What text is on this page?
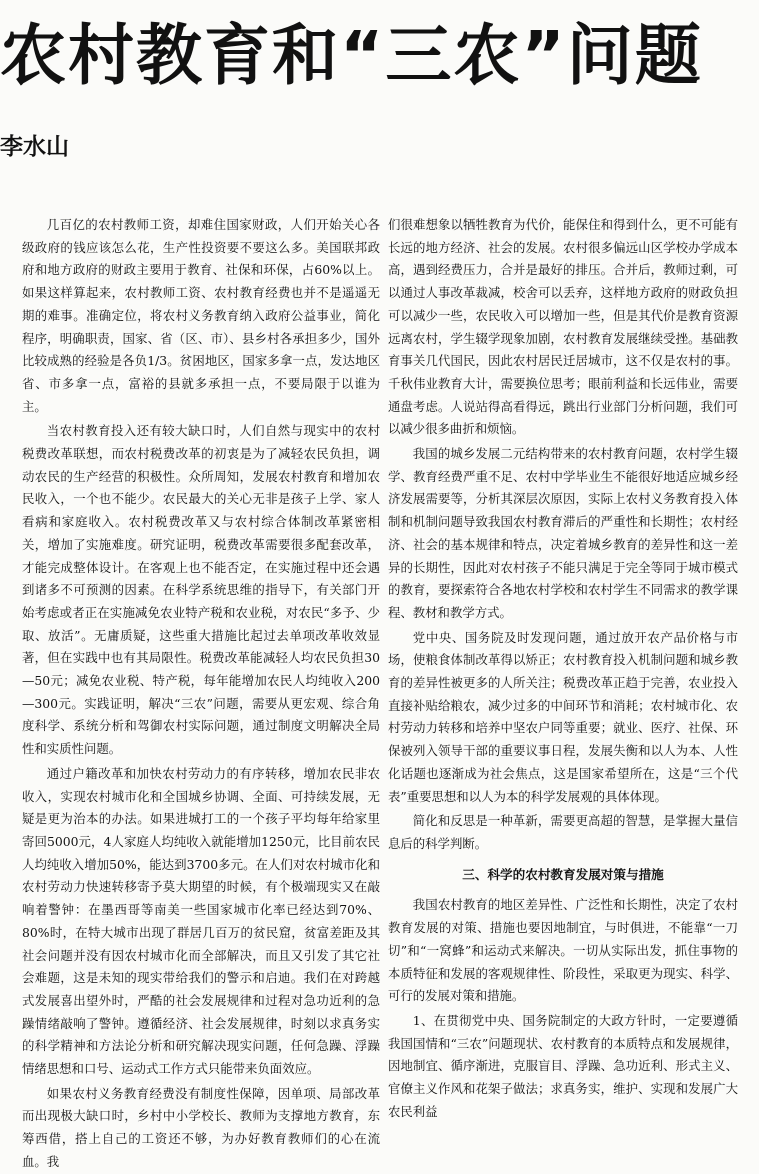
农村教育和“三农”问题
李水山

几百亿的农村教师工资，却难住国家财政，人们开始关心各级政府的钱应该怎么花，生产性投资要不要这么多。美国联邦政府和地方政府的财政主要用于教育、社保和环保，占60%以上。如果这样算起来，农村教师工资、农村教育经费也并不是遥遥无期的难事。准确定位，将农村义务教育纳入政府公益事业，简化程序，明确职责，国家、省（区、市）、县乡村各承担多少，国外比较成熟的经验是各负1/3。贫困地区，国家多拿一点，发达地区省、市多拿一点，富裕的县就多承担一点，不要局限于以谁为主。

当农村教育投入还有较大缺口时，人们自然与现实中的农村税费改革联想，而农村税费改革的初衷是为了减轻农民负担，调动农民的生产经营的积极性。众所周知，发展农村教育和增加农民收入，一个也不能少。农民最大的关心无非是孩子上学、家人看病和家庭收入。农村税费改革又与农村综合体制改革紧密相关，增加了实施难度。研究证明，税费改革需要很多配套改革，才能完成整体设计。在客观上也不能否定，在实施过程中还会遇到诸多不可预测的因素。在科学系统思维的指导下，有关部门开始考虑或者正在实施减免农业特产税和农业税，对农民“多予、少取、放活”。无庸质疑，这些重大措施比起过去单项改革收效显著，但在实践中也有其局限性。税费改革能减轻人均农民负担30—50元；减免农业税、特产税，每年能增加农民人均纯收入200—300元。实践证明，解决“三农”问题，需要从更宏观、综合角度科学、系统分析和驾御农村实际问题，通过制度文明解决全局性和实质性问题。

通过户籍改革和加快农村劳动力的有序转移，增加农民非农收入，实现农村城市化和全国城乡协调、全面、可持续发展，无疑是更为治本的办法。如果进城打工的一个孩子平均每年给家里寄回5000元，4人家庭人均纯收入就能增加1250元，比目前农民人均纯收入增加50%，能达到3700多元。在人们对农村城市化和农村劳动力快速转移寄予莫大期望的时候，有个极端现实又在敲响着警钟：在墨西哥等南美一些国家城市化率已经达到70%、80%时，在特大城市出现了群居几百万的贫民窟，贫富差距及其社会问题并没有因农村城市化而全部解决，而且又引发了其它社会难题，这是未知的现实带给我们的警示和启迪。我们在对跨越式发展喜出望外时，严酷的社会发展规律和过程对急功近利的急躁情绪敲响了警钟。遵循经济、社会发展规律，时刻以求真务实的科学精神和方法论分析和研究解决现实问题，任何急躁、浮躁情绪思想和口号、运动式工作方式只能带来负面效应。

如果农村义务教育经费没有制度性保障，因单项、局部改革而出现极大缺口时，乡村中小学校长、教师为支撑地方教育，东筹西借，搭上自己的工资还不够，为办好教育教师们的心在流血。我

们很难想象以牺牲教育为代价，能保住和得到什么，更不可能有长远的地方经济、社会的发展。农村很多偏远山区学校办学成本高，遇到经费压力，合并是最好的排压。合并后，教师过剩，可以通过人事改革裁减，校舍可以丢弃，这样地方政府的财政负担可以减少一些，农民收入可以增加一些，但是其代价是教育资源远离农村，学生辍学现象加剧，农村教育发展继续受挫。基础教育事关几代国民，因此农村居民迁居城市，这不仅是农村的事。千秋伟业教育大计，需要换位思考；眼前利益和长远伟业，需要通盘考虑。人说站得高看得远，跳出行业部门分析问题，我们可以减少很多曲折和烦恼。

我国的城乡发展二元结构带来的农村教育问题，农村学生辍学、教育经费严重不足、农村中学毕业生不能很好地适应城乡经济发展需要等，分析其深层次原因，实际上农村义务教育投入体制和机制问题导致我国农村教育滞后的严重性和长期性；农村经济、社会的基本规律和特点，决定着城乡教育的差异性和这一差异的长期性，因此对农村孩子不能只满足于完全等同于城市模式的教育，要探索符合各地农村学校和农村学生不同需求的教学课程、教材和教学方式。

党中央、国务院及时发现问题，通过放开农产品价格与市场，使粮食体制改革得以矫正；农村教育投入机制问题和城乡教育的差异性被更多的人所关注；税费改革正趋于完善，农业投入直接补贴给粮农，减少过多的中间环节和消耗；农村城市化、农村劳动力转移和培养中坚农户同等重要；就业、医疗、社保、环保被列入领导干部的重要议事日程，发展失衡和以人为本、人性化话题也逐渐成为社会焦点，这是国家希望所在，这是“三个代表”重要思想和以人为本的科学发展观的具体体现。

简化和反思是一种革新，需要更高超的智慧，是掌握大量信息后的科学判断。

三、科学的农村教育发展对策与措施

我国农村教育的地区差异性、广泛性和长期性，决定了农村教育发展的对策、措施也要因地制宜，与时俱进，不能靠“一刀切”和“一窝蜂”和运动式来解决。一切从实际出发，抓住事物的本质特征和发展的客观规律性、阶段性，采取更为现实、科学、可行的发展对策和措施。

1、在贯彻党中央、国务院制定的大政方针时，一定要遵循我国国情和“三农”问题现状、农村教育的本质特点和发展规律，因地制宜、循序渐进，克服盲目、浮躁、急功近利、形式主义、官僚主义作风和花架子做法；求真务实，维护、实现和发展广大农民利益
